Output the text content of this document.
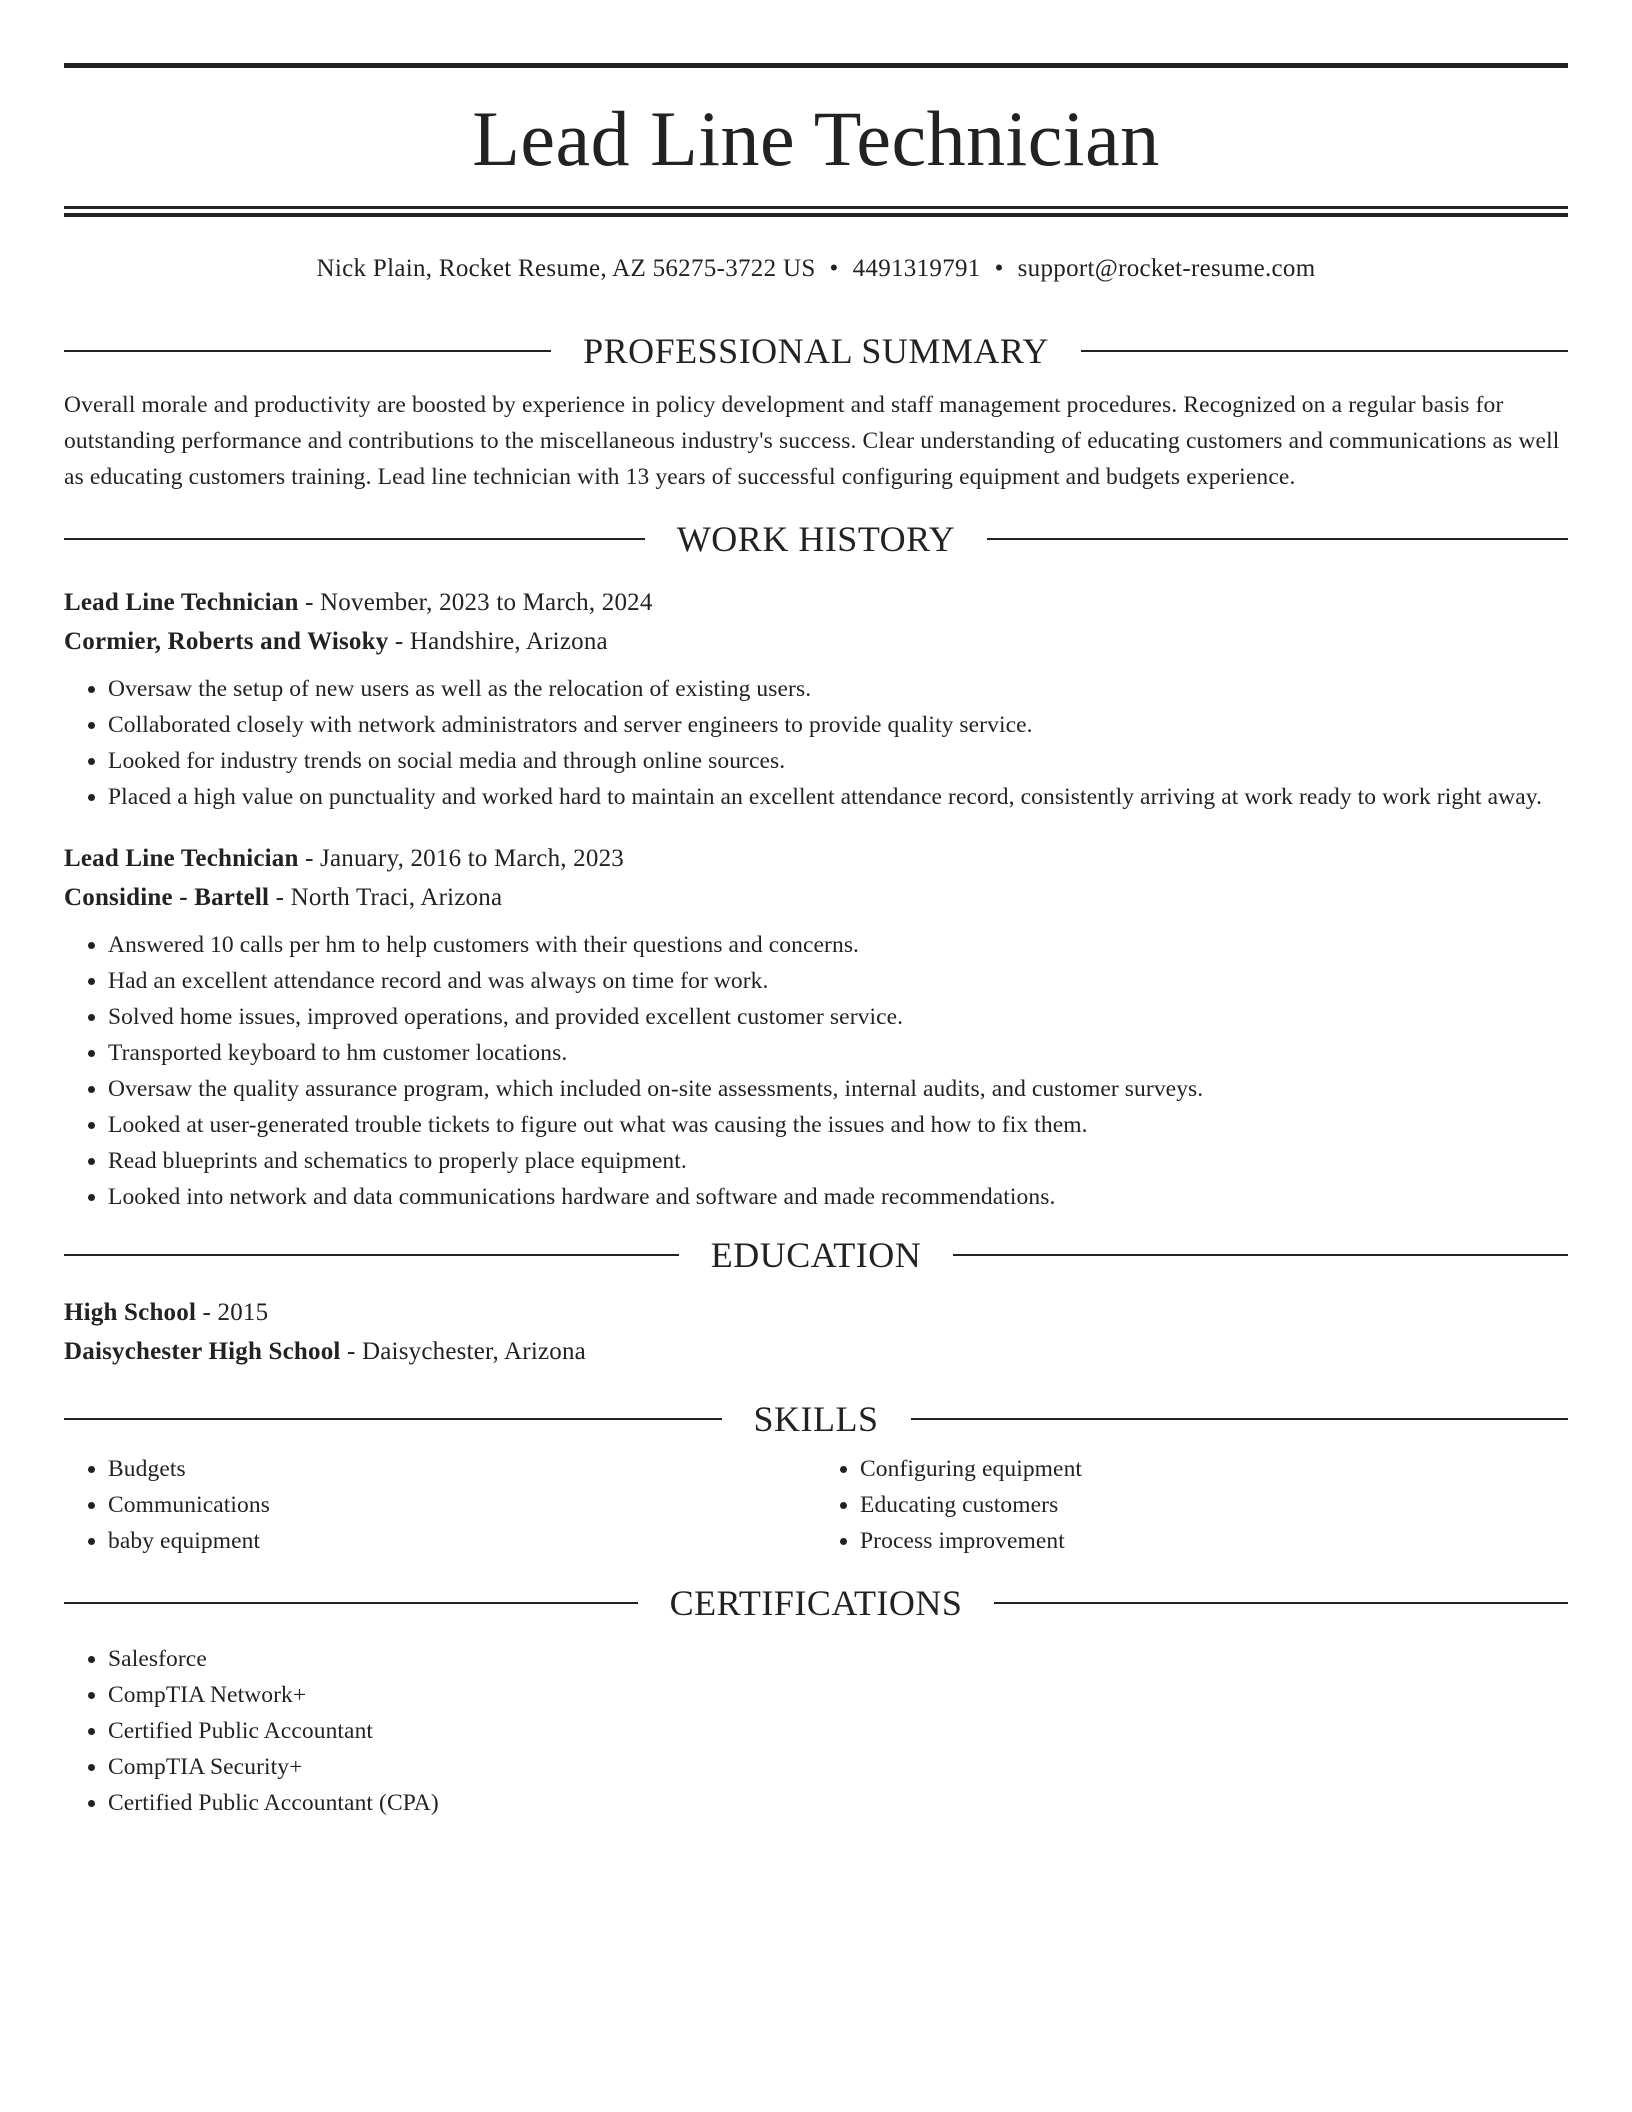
Lead Line Technician
Nick Plain, Rocket Resume, AZ 56275-3722 US • 4491319791 • support@rocket-resume.com
PROFESSIONAL SUMMARY
Overall morale and productivity are boosted by experience in policy development and staff management procedures. Recognized on a regular basis for outstanding performance and contributions to the miscellaneous industry's success. Clear understanding of educating customers and communications as well as educating customers training. Lead line technician with 13 years of successful configuring equipment and budgets experience.
WORK HISTORY
Lead Line Technician - November, 2023 to March, 2024
Cormier, Roberts and Wisoky - Handshire, Arizona
• Oversaw the setup of new users as well as the relocation of existing users.
• Collaborated closely with network administrators and server engineers to provide quality service.
• Looked for industry trends on social media and through online sources.
• Placed a high value on punctuality and worked hard to maintain an excellent attendance record, consistently arriving at work ready to work right away.
Lead Line Technician - January, 2016 to March, 2023
Considine - Bartell - North Traci, Arizona
• Answered 10 calls per hm to help customers with their questions and concerns.
• Had an excellent attendance record and was always on time for work.
• Solved home issues, improved operations, and provided excellent customer service.
• Transported keyboard to hm customer locations.
• Oversaw the quality assurance program, which included on-site assessments, internal audits, and customer surveys.
• Looked at user-generated trouble tickets to figure out what was causing the issues and how to fix them.
• Read blueprints and schematics to properly place equipment.
• Looked into network and data communications hardware and software and made recommendations.
EDUCATION
High School - 2015
Daisychester High School - Daisychester, Arizona
SKILLS
• Budgets
• Communications
• baby equipment
• Configuring equipment
• Educating customers
• Process improvement
CERTIFICATIONS
• Salesforce
• CompTIA Network+
• Certified Public Accountant
• CompTIA Security+
• Certified Public Accountant (CPA)
